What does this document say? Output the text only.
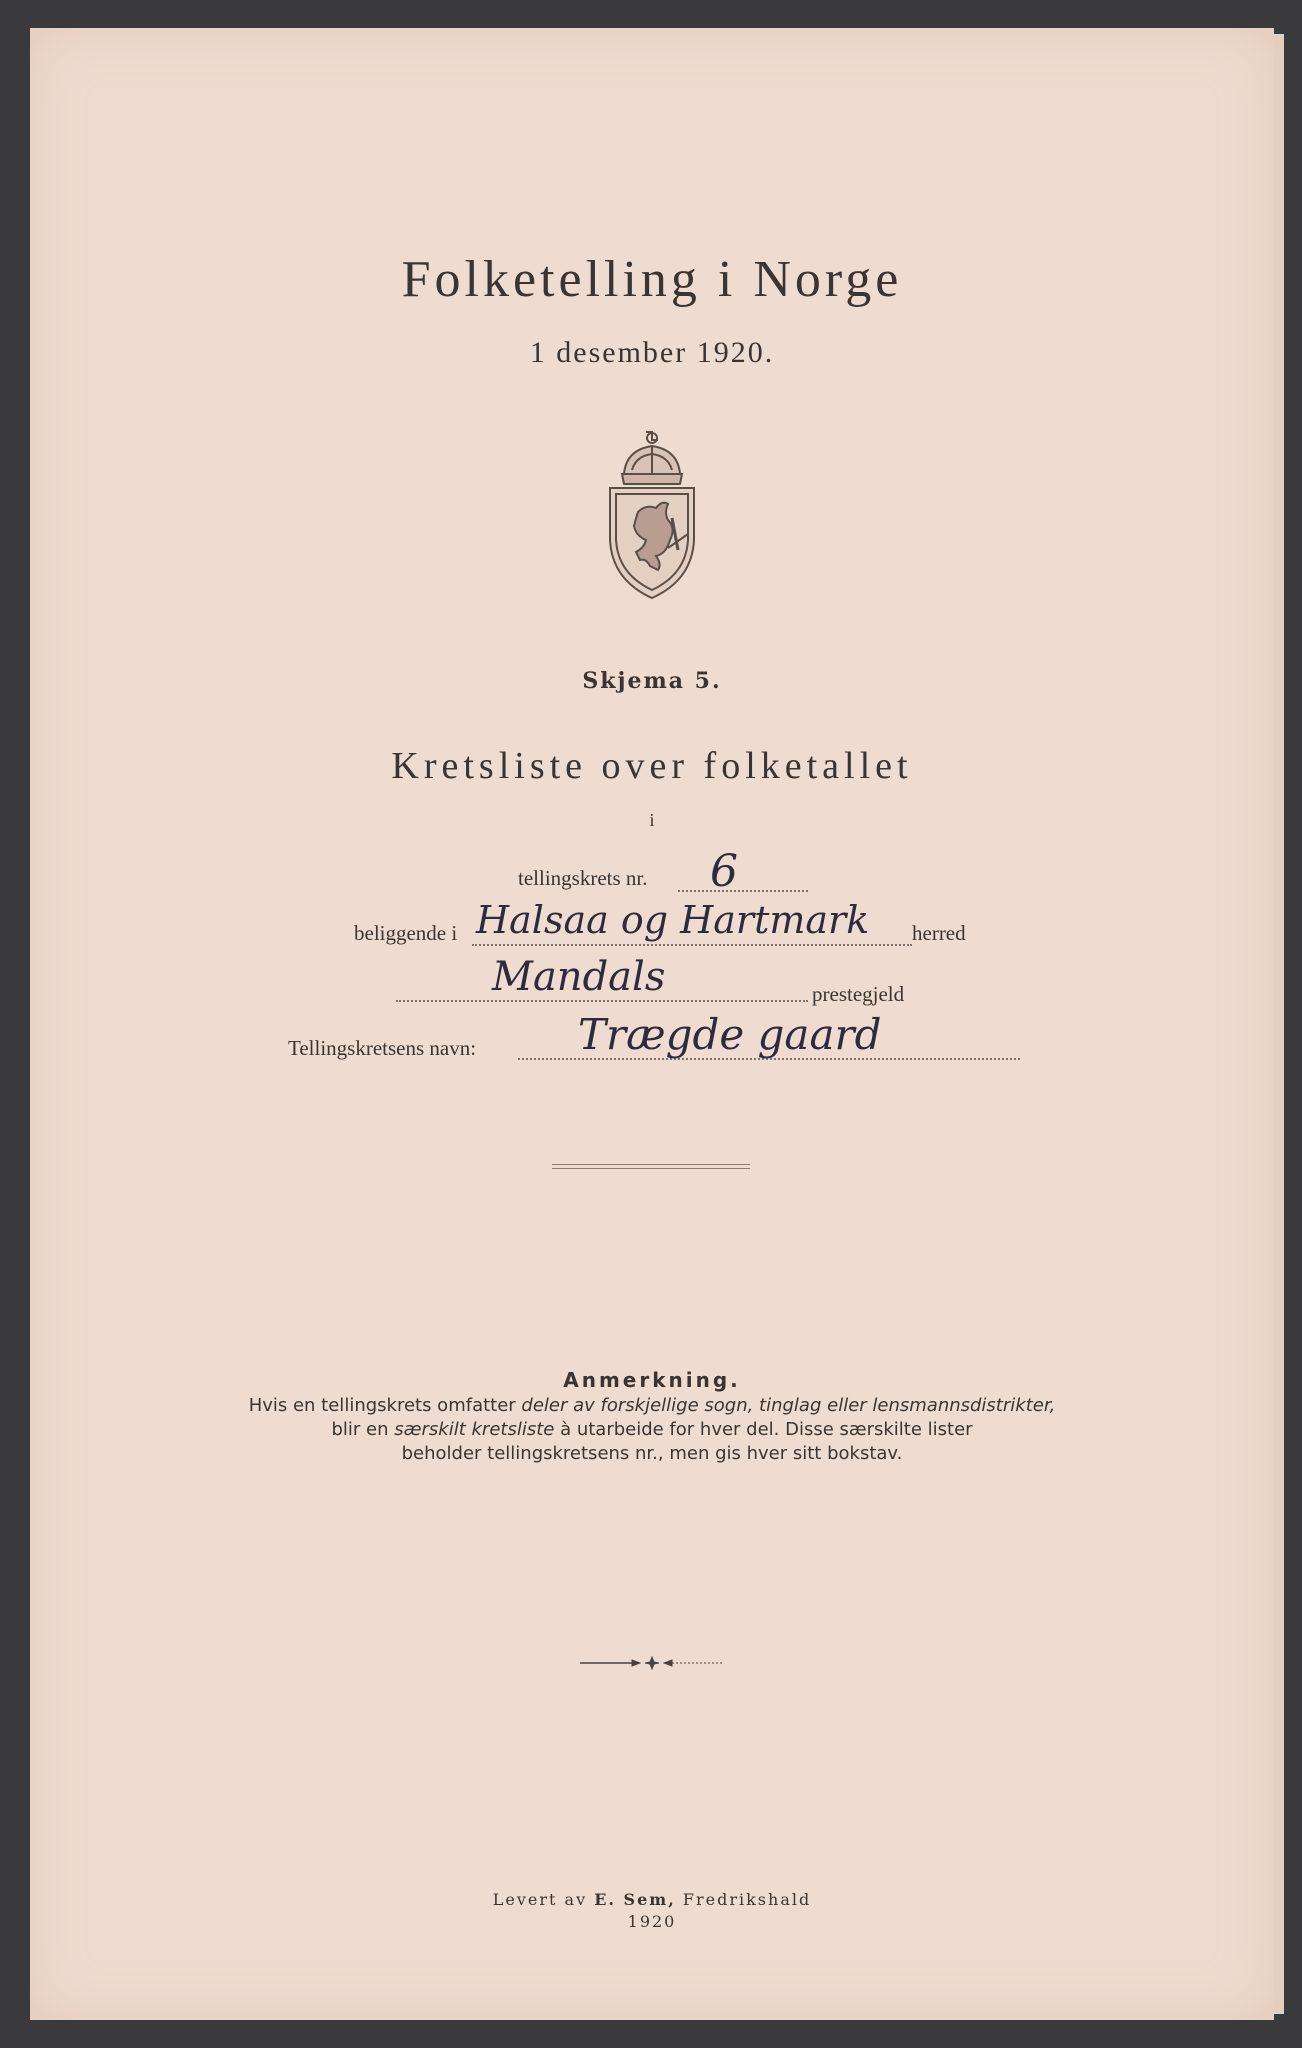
Folketelling i Norge
1 desember 1920.
Skjema 5.
Kretsliste over folketallet
i
tellingskrets nr. 6
beliggende i Halsaa og Hartmark herred
Mandals	prestegjeld
Tellingskretsens navn: Trægde gaard
Anmerkning.
Hvis en tellingskrets omfatter deler av forskjellige sogn, tinglag eller lensmannsdistrikter,
blir en særskilt kretsliste à utarbeide for hver del. Disse særskilte lister
beholder tellingskretsens nr., men gis hver sitt bokstav.
Levert av E. Sem, Fredrikshald
1920
